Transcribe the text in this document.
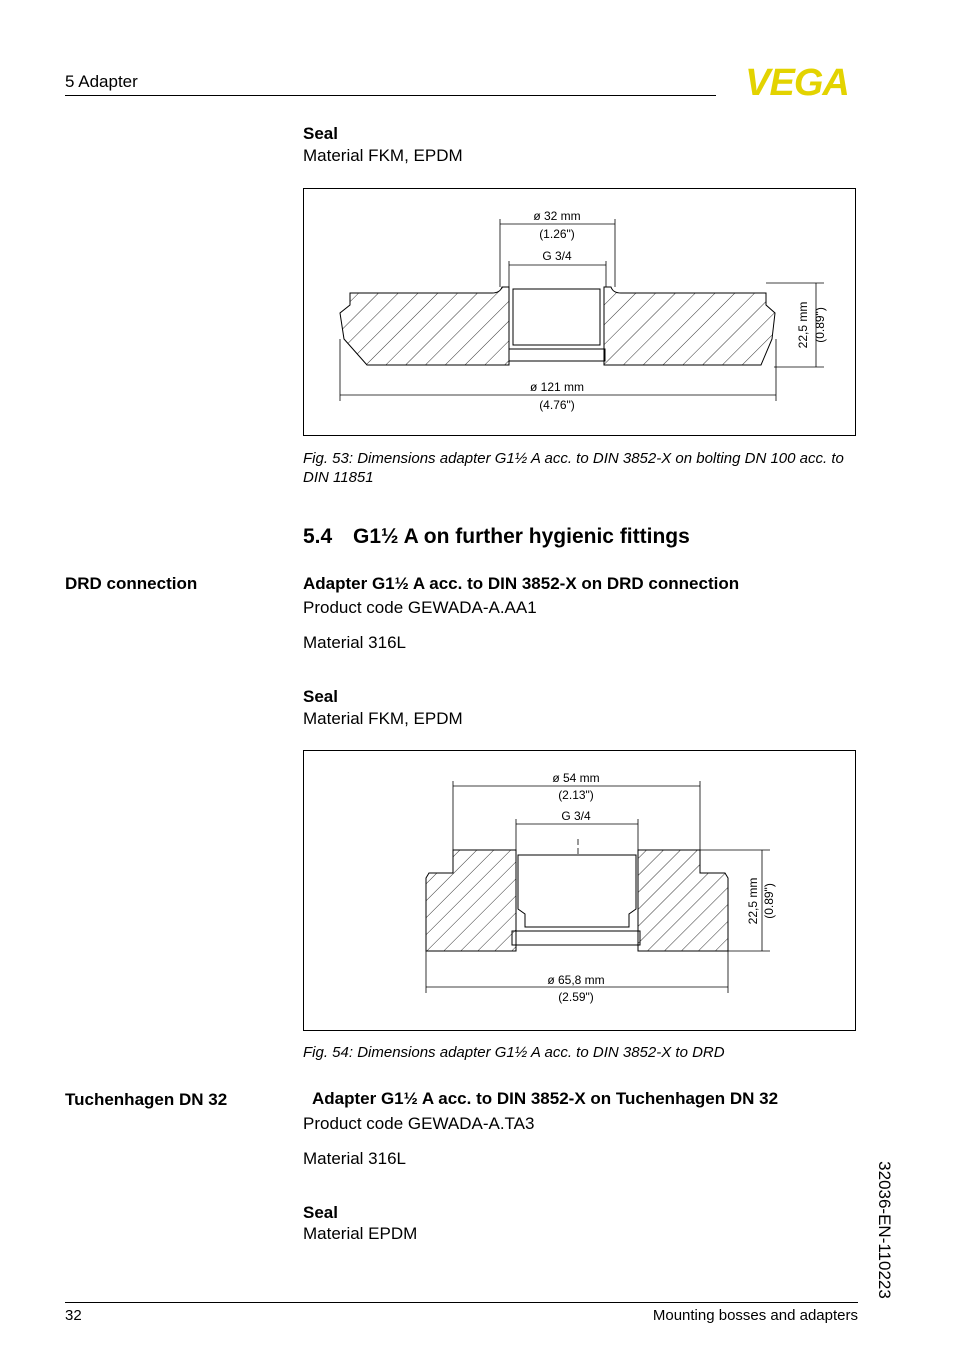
5 Adapter	VEGA
Seal
Material FKM, EPDM
ø 32 mm
(1.26")
G 3/4
22,5 mm (0.89")
ø 121 mm
(4.76")
Fig. 53: Dimensions adapter G1½ A acc. to DIN 3852-X on bolting DN 100 acc. to DIN 11851
5.4 G1½ A on further hygienic fittings
DRD connection	Adapter G1½ A acc. to DIN 3852-X on DRD connection
Product code GEWADA-A.AA1
Material 316L
Seal
Material FKM, EPDM
ø 54 mm
(2.13")
G 3/4
22,5 mm (0.89")
ø 65,8 mm
(2.59")
Fig. 54: Dimensions adapter G1½ A acc. to DIN 3852-X to DRD
Tuchenhagen DN 32	Adapter G1½ A acc. to DIN 3852-X on Tuchenhagen DN 32
Product code GEWADA-A.TA3
Material 316L
Seal
Material EPDM	32036-EN-110223
32	Mounting bosses and adapters
